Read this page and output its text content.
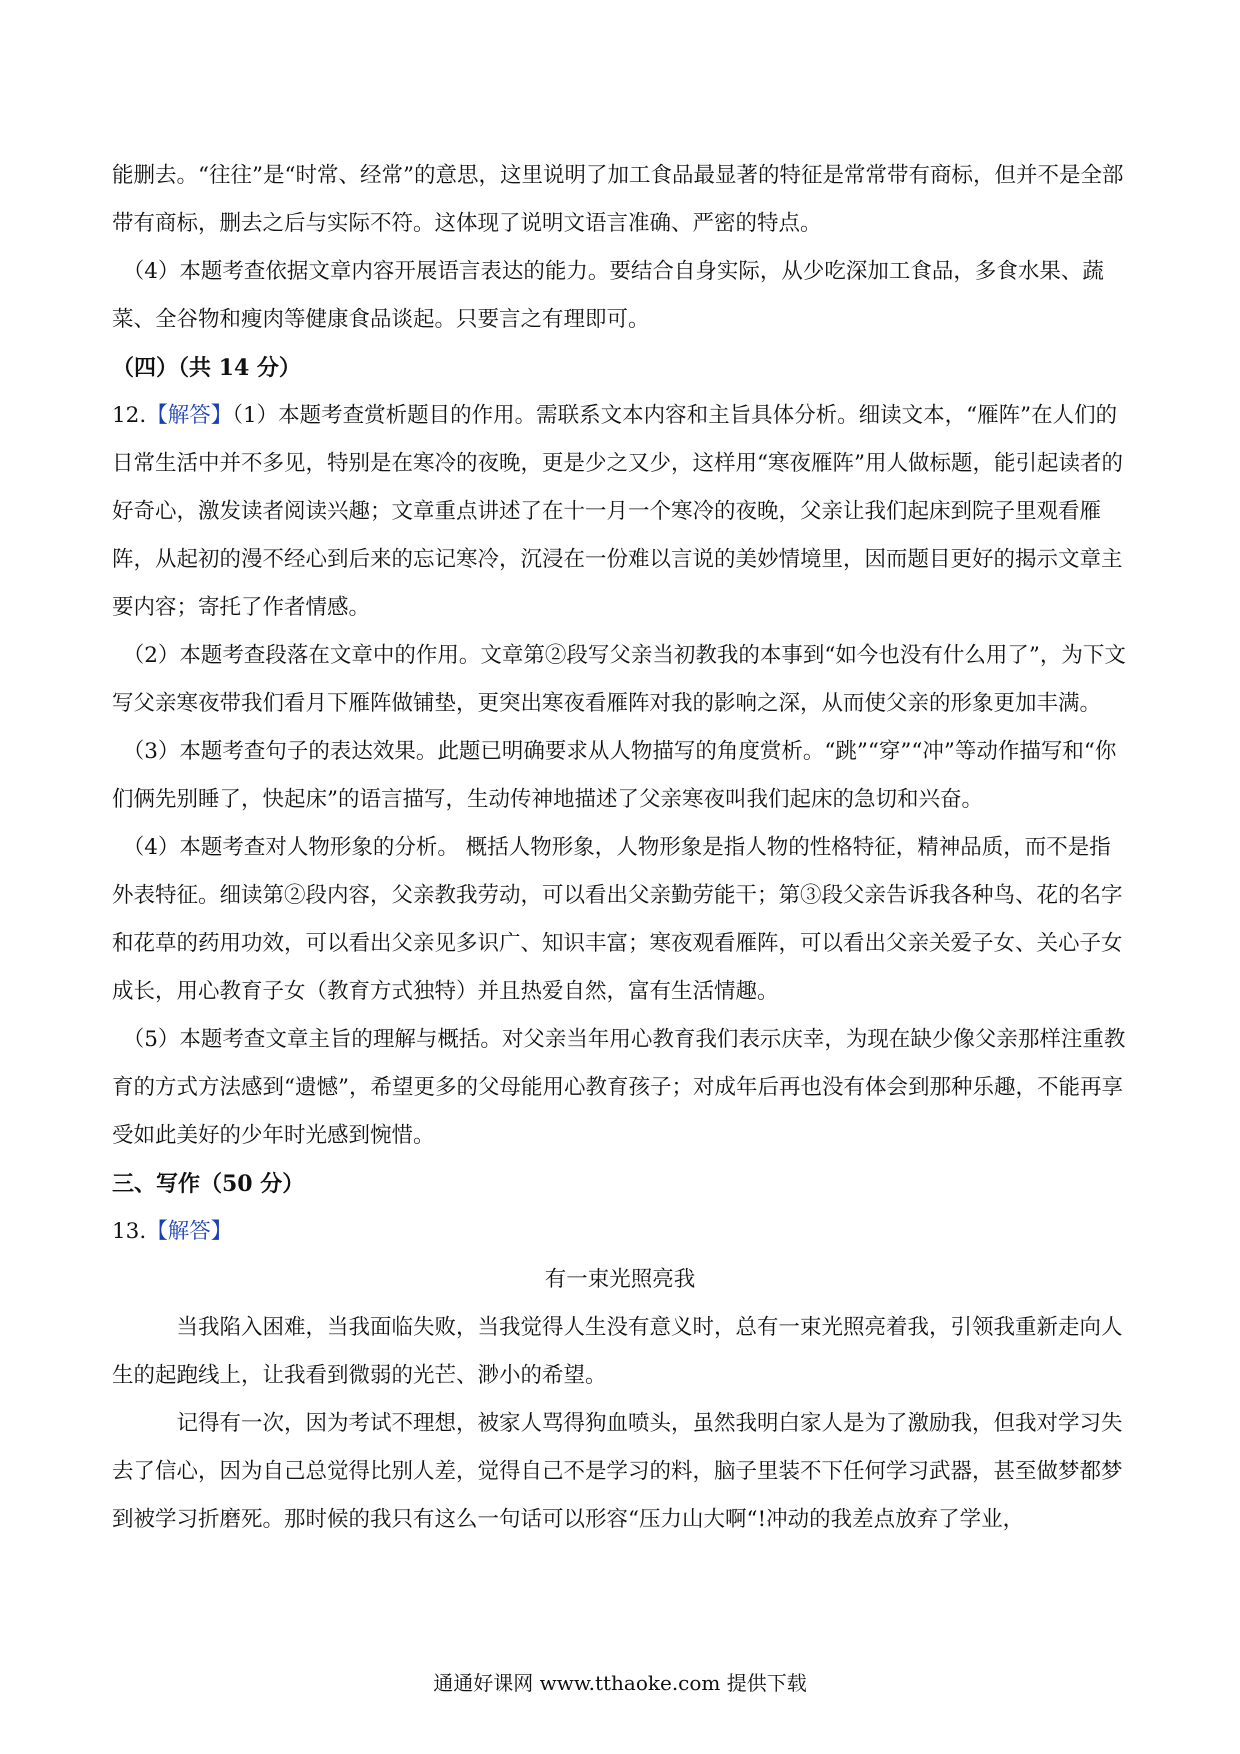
能删去。“往往”是“时常、经常”的意思，这里说明了加工食品最显著的特征是常常带有商标，但并不是全部带有商标，删去之后与实际不符。这体现了说明文语言准确、严密的特点。

（4）本题考查依据文章内容开展语言表达的能力。要结合自身实际，从少吃深加工食品，多食水果、蔬菜、全谷物和瘦肉等健康食品谈起。只要言之有理即可。

（四）（共 14 分）

12.【解答】（1）本题考查赏析题目的作用。需联系文本内容和主旨具体分析。细读文本，“雁阵”在人们的日常生活中并不多见，特别是在寒冷的夜晚，更是少之又少，这样用“寒夜雁阵”用人做标题，能引起读者的好奇心，激发读者阅读兴趣；文章重点讲述了在十一月一个寒冷的夜晚，父亲让我们起床到院子里观看雁阵，从起初的漫不经心到后来的忘记寒冷，沉浸在一份难以言说的美妙情境里，因而题目更好的揭示文章主要内容；寄托了作者情感。

（2）本题考查段落在文章中的作用。文章第②段写父亲当初教我的本事到“如今也没有什么用了”，为下文写父亲寒夜带我们看月下雁阵做铺垫，更突出寒夜看雁阵对我的影响之深，从而使父亲的形象更加丰满。

（3）本题考查句子的表达效果。此题已明确要求从人物描写的角度赏析。“跳”“穿”“冲”等动作描写和“你们俩先别睡了，快起床”的语言描写，生动传神地描述了父亲寒夜叫我们起床的急切和兴奋。

（4）本题考查对人物形象的分析。 概括人物形象，人物形象是指人物的性格特征，精神品质，而不是指外表特征。细读第②段内容，父亲教我劳动，可以看出父亲勤劳能干；第③段父亲告诉我各种鸟、花的名字和花草的药用功效，可以看出父亲见多识广、知识丰富；寒夜观看雁阵，可以看出父亲关爱子女、关心子女成长，用心教育子女（教育方式独特）并且热爱自然，富有生活情趣。

（5）本题考查文章主旨的理解与概括。对父亲当年用心教育我们表示庆幸，为现在缺少像父亲那样注重教育的方式方法感到“遗憾”，希望更多的父母能用心教育孩子；对成年后再也没有体会到那种乐趣，不能再享受如此美好的少年时光感到惋惜。

三、写作（50 分）

13.【解答】

有一束光照亮我

当我陷入困难，当我面临失败，当我觉得人生没有意义时，总有一束光照亮着我，引领我重新走向人生的起跑线上，让我看到微弱的光芒、渺小的希望。

记得有一次，因为考试不理想，被家人骂得狗血喷头，虽然我明白家人是为了激励我，但我对学习失去了信心，因为自己总觉得比别人差，觉得自己不是学习的料，脑子里装不下任何学习武器，甚至做梦都梦到被学习折磨死。那时候的我只有这么一句话可以形容“压力山大啊“!冲动的我差点放弃了学业，

通通好课网 www.tthaoke.com 提供下载
